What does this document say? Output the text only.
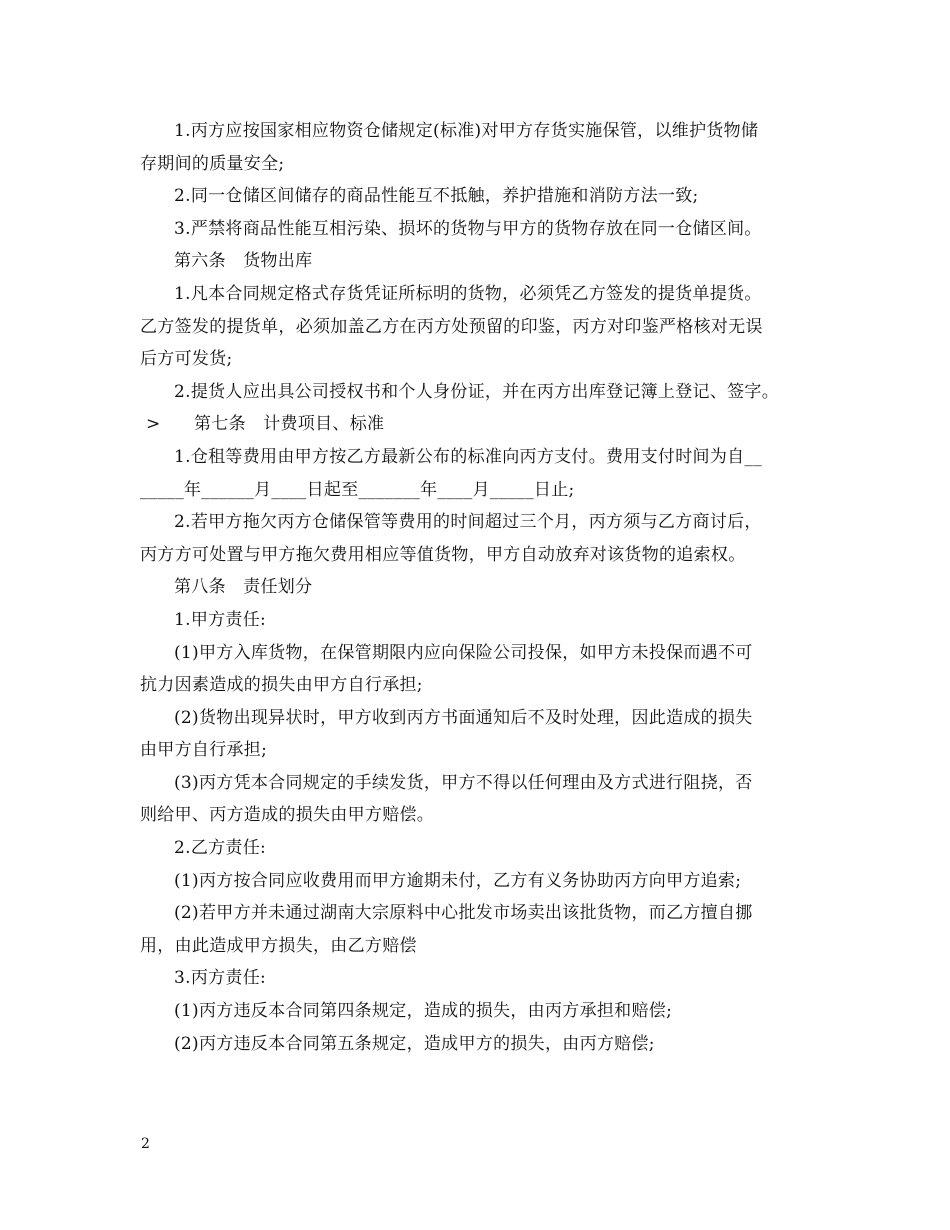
1.丙方应按国家相应物资仓储规定(标准)对甲方存货实施保管，以维护货物储
存期间的质量安全;
2.同一仓储区间储存的商品性能互不抵触，养护措施和消防方法一致;
3.严禁将商品性能互相污染、损坏的货物与甲方的货物存放在同一仓储区间。
第六条　货物出库
1.凡本合同规定格式存货凭证所标明的货物，必须凭乙方签发的提货单提货。
乙方签发的提货单，必须加盖乙方在丙方处预留的印鉴，丙方对印鉴严格核对无误
后方可发货;
2.提货人应出具公司授权书和个人身份证，并在丙方出库登记簿上登记、签字。
> 第七条　计费项目、标准
1.仓租等费用由甲方按乙方最新公布的标准向丙方支付。费用支付时间为自__
_____年______月____日起至_______年____月_____日止;
2.若甲方拖欠丙方仓储保管等费用的时间超过三个月，丙方须与乙方商讨后，
丙方方可处置与甲方拖欠费用相应等值货物，甲方自动放弃对该货物的追索权。
第八条　责任划分
1.甲方责任:
(1)甲方入库货物，在保管期限内应向保险公司投保，如甲方未投保而遇不可
抗力因素造成的损失由甲方自行承担;
(2)货物出现异状时，甲方收到丙方书面通知后不及时处理，因此造成的损失
由甲方自行承担;
(3)丙方凭本合同规定的手续发货，甲方不得以任何理由及方式进行阻挠，否
则给甲、丙方造成的损失由甲方赔偿。
2.乙方责任:
(1)丙方按合同应收费用而甲方逾期未付，乙方有义务协助丙方向甲方追索;
(2)若甲方并未通过湖南大宗原料中心批发市场卖出该批货物，而乙方擅自挪
用，由此造成甲方损失，由乙方赔偿
3.丙方责任:
(1)丙方违反本合同第四条规定，造成的损失，由丙方承担和赔偿;
(2)丙方违反本合同第五条规定，造成甲方的损失，由丙方赔偿;
2
